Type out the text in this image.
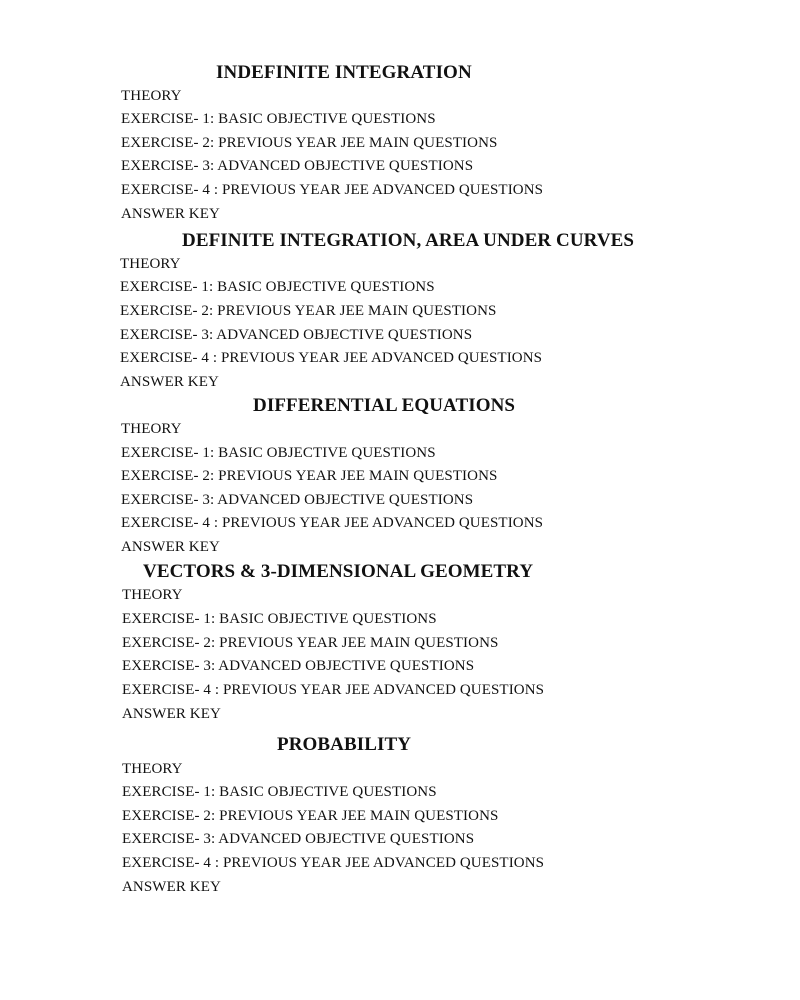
INDEFINITE INTEGRATION
THEORY
EXERCISE- 1: BASIC OBJECTIVE QUESTIONS
EXERCISE- 2: PREVIOUS YEAR JEE MAIN QUESTIONS
EXERCISE- 3: ADVANCED OBJECTIVE QUESTIONS
EXERCISE- 4 : PREVIOUS YEAR JEE ADVANCED QUESTIONS
ANSWER KEY
DEFINITE INTEGRATION, AREA UNDER CURVES
THEORY
EXERCISE- 1: BASIC OBJECTIVE QUESTIONS
EXERCISE- 2: PREVIOUS YEAR JEE MAIN QUESTIONS
EXERCISE- 3: ADVANCED OBJECTIVE QUESTIONS
EXERCISE- 4 : PREVIOUS YEAR JEE ADVANCED QUESTIONS
ANSWER KEY
DIFFERENTIAL EQUATIONS
THEORY
EXERCISE- 1: BASIC OBJECTIVE QUESTIONS
EXERCISE- 2: PREVIOUS YEAR JEE MAIN QUESTIONS
EXERCISE- 3: ADVANCED OBJECTIVE QUESTIONS
EXERCISE- 4 : PREVIOUS YEAR JEE ADVANCED QUESTIONS
ANSWER KEY
VECTORS & 3-DIMENSIONAL GEOMETRY
THEORY
EXERCISE- 1: BASIC OBJECTIVE QUESTIONS
EXERCISE- 2: PREVIOUS YEAR JEE MAIN QUESTIONS
EXERCISE- 3: ADVANCED OBJECTIVE QUESTIONS
EXERCISE- 4 : PREVIOUS YEAR JEE ADVANCED QUESTIONS
ANSWER KEY
PROBABILITY
THEORY
EXERCISE- 1: BASIC OBJECTIVE QUESTIONS
EXERCISE- 2: PREVIOUS YEAR JEE MAIN QUESTIONS
EXERCISE- 3: ADVANCED OBJECTIVE QUESTIONS
EXERCISE- 4 : PREVIOUS YEAR JEE ADVANCED QUESTIONS
ANSWER KEY
